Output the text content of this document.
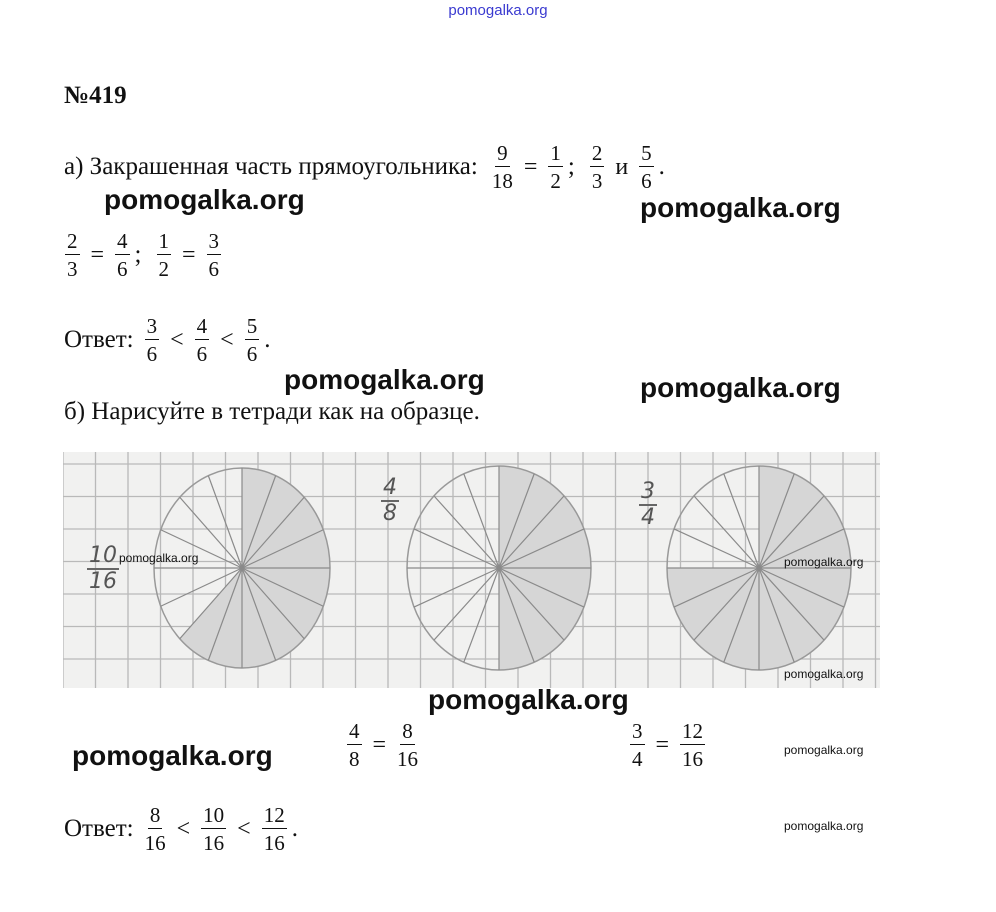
pomogalka.org
№419
а) Закрашенная часть прямоугольника: $\frac{9}{18} = \frac{1}{2}$ ; $\frac{2}{3}$ и $\frac{5}{6}$ .
pomogalka.org	pomogalka.org
$\frac{2}{3} = \frac{4}{6}$ ; $\frac{1}{2} = \frac{3}{6}$
Ответ: $\frac{3}{6} < \frac{4}{6} < \frac{5}{6}$ .
pomogalka.org	pomogalka.org
б) Нарисуйте в тетради как на образце.
$\frac{10}{16}$
$\frac{4}{8}$	$\frac{3}{4}$
pomogalka.org	pomogalka.org
pomogalka.org
pomogalka.org
pomogalka.org	$\frac{4}{8} = \frac{8}{16}$	$\frac{3}{4} = \frac{12}{16}$	pomogalka.org
Ответ: $\frac{8}{16} < \frac{10}{16} < \frac{12}{16}$ .	pomogalka.org
